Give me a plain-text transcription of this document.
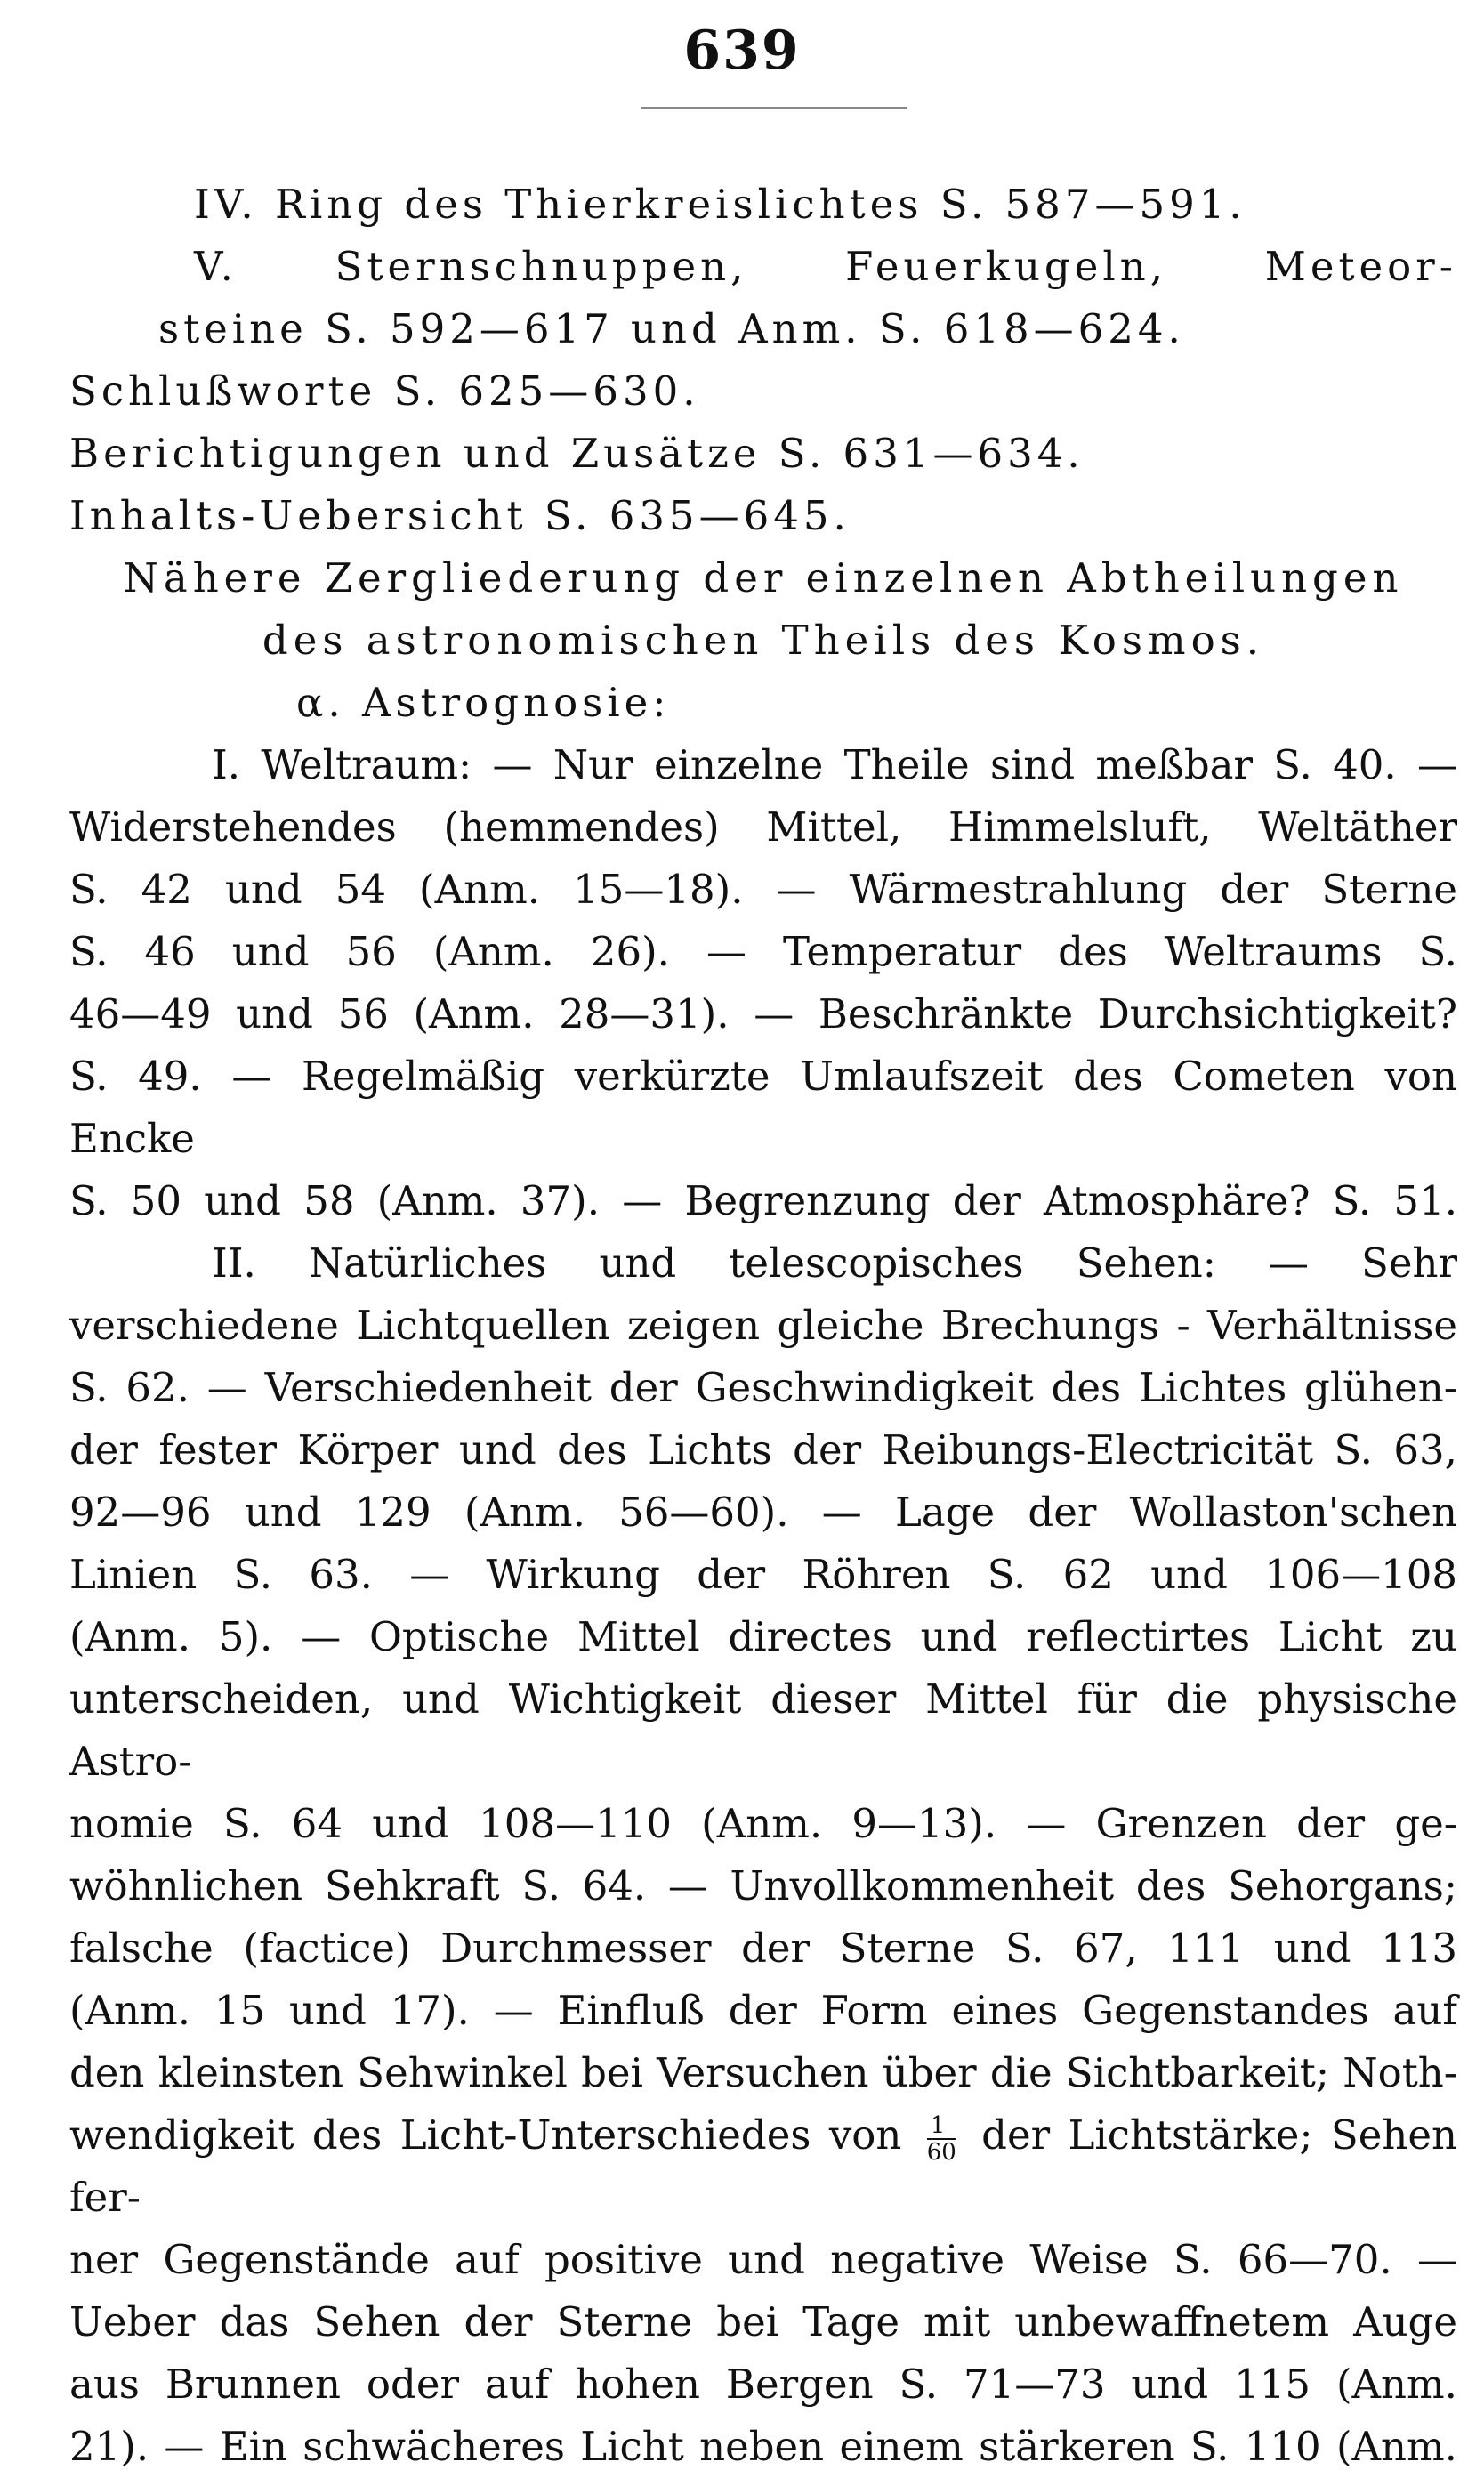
639
IV. Ring des Thierkreislichtes S. 587—591.
V. Sternschnuppen, Feuerkugeln, Meteor-
steine S. 592—617 und Anm. S. 618—624.
Schlußworte S. 625—630.
Berichtigungen und Zusätze S. 631—634.
Inhalts-Uebersicht S. 635—645.
Nähere Zergliederung der einzelnen Abtheilungen
des astronomischen Theils des Kosmos.
α. Astrognosie:
I. Weltraum: — Nur einzelne Theile sind meßbar S. 40. —
Widerstehendes (hemmendes) Mittel, Himmelsluft, Weltäther
S. 42 und 54 (Anm. 15—18). — Wärmestrahlung der Sterne
S. 46 und 56 (Anm. 26). — Temperatur des Weltraums S.
46—49 und 56 (Anm. 28—31). — Beschränkte Durchsichtigkeit?
S. 49. — Regelmäßig verkürzte Umlaufszeit des Cometen von Encke
S. 50 und 58 (Anm. 37). — Begrenzung der Atmosphäre? S. 51.
II. Natürliches und telescopisches Sehen: — Sehr
verschiedene Lichtquellen zeigen gleiche Brechungs - Verhältnisse
S. 62. — Verschiedenheit der Geschwindigkeit des Lichtes glühen-
der fester Körper und des Lichts der Reibungs-Electricität S. 63,
92—96 und 129 (Anm. 56—60). — Lage der Wollaston'schen
Linien S. 63. — Wirkung der Röhren S. 62 und 106—108
(Anm. 5). — Optische Mittel directes und reflectirtes Licht zu
unterscheiden, und Wichtigkeit dieser Mittel für die physische Astro-
nomie S. 64 und 108—110 (Anm. 9—13). — Grenzen der ge-
wöhnlichen Sehkraft S. 64. — Unvollkommenheit des Sehorgans;
falsche (factice) Durchmesser der Sterne S. 67, 111 und 113
(Anm. 15 und 17). — Einfluß der Form eines Gegenstandes auf
den kleinsten Sehwinkel bei Versuchen über die Sichtbarkeit; Noth-
wendigkeit des Licht-Unterschiedes von $\frac{1}{60}$ der Lichtstärke; Sehen fer-
ner Gegenstände auf positive und negative Weise S. 66—70. —
Ueber das Sehen der Sterne bei Tage mit unbewaffnetem Auge
aus Brunnen oder auf hohen Bergen S. 71—73 und 115 (Anm.
21). — Ein schwächeres Licht neben einem stärkeren S. 110 (Anm.
